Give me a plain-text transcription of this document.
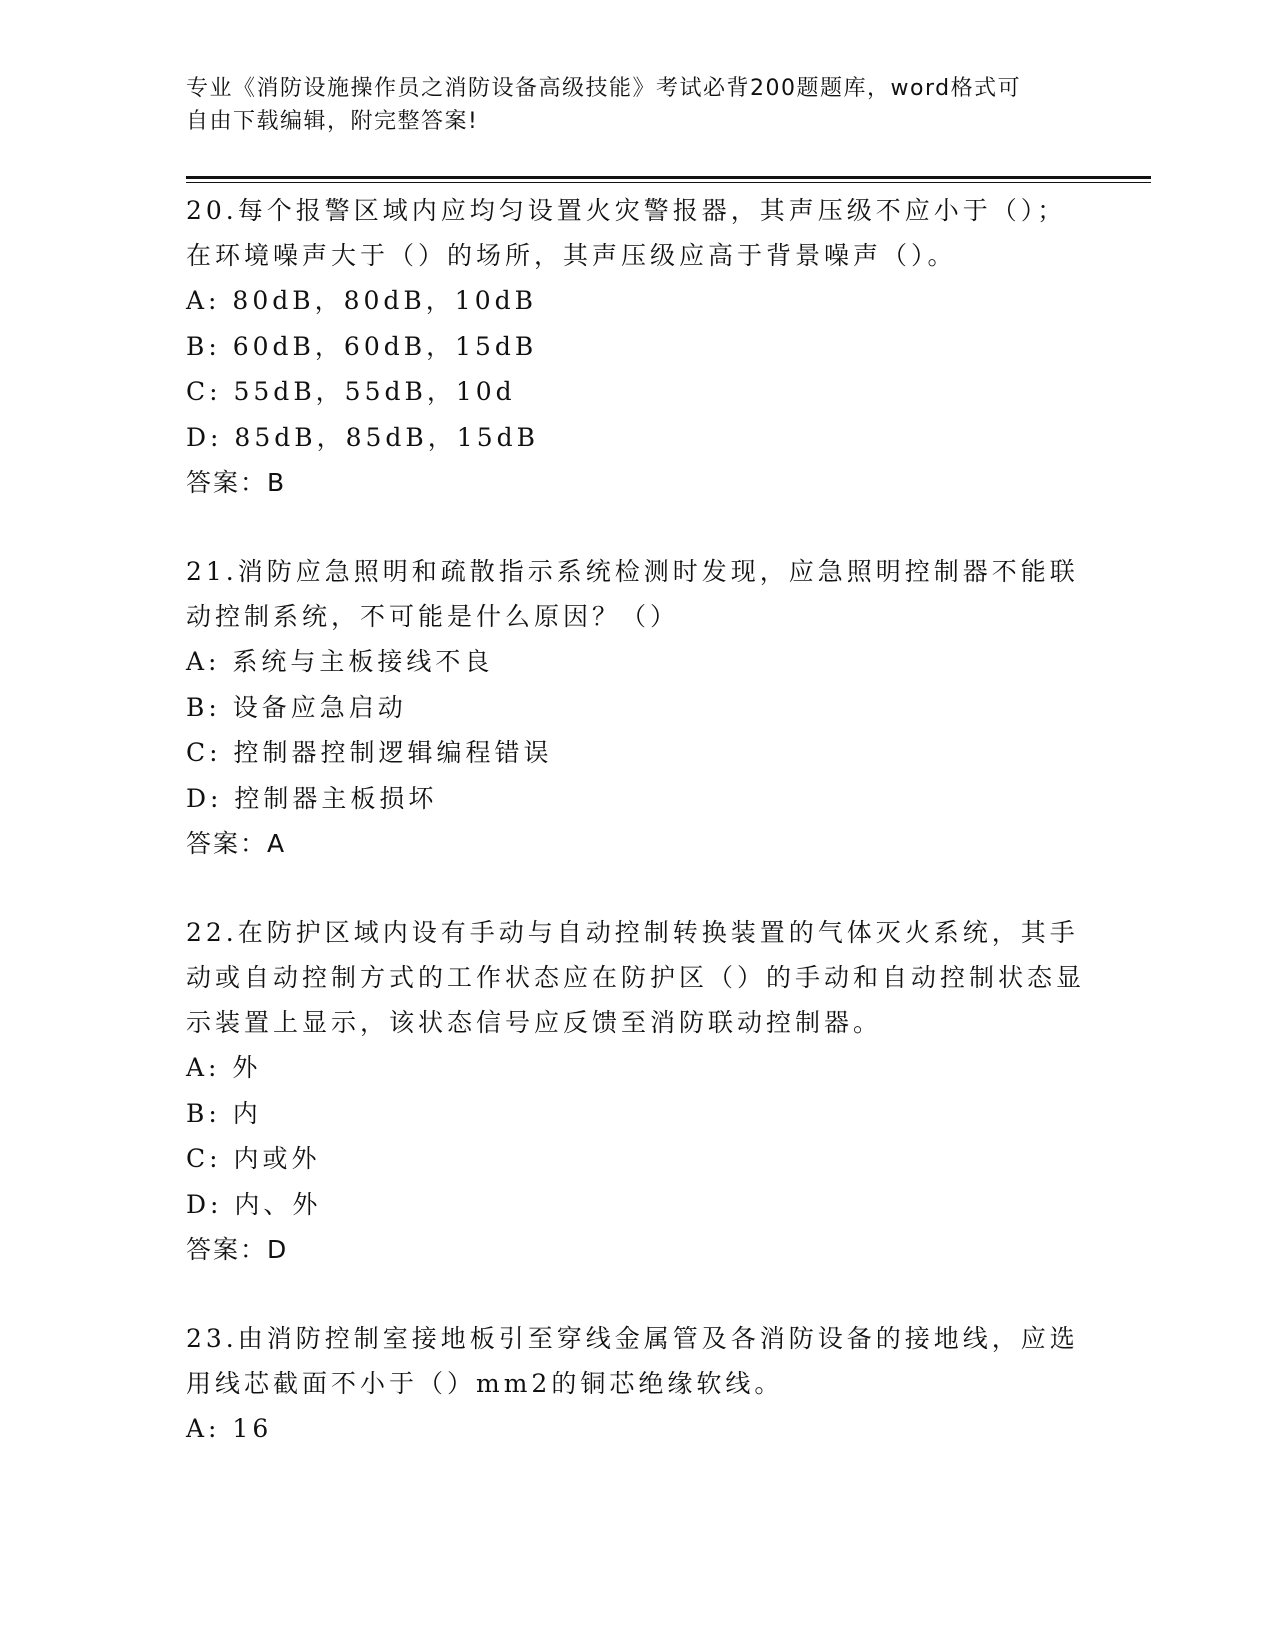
专业《消防设施操作员之消防设备高级技能》考试必背200题题库，word格式可
自由下载编辑，附完整答案!

20.每个报警区域内应均匀设置火灾警报器，其声压级不应小于（）；在环境噪声大于（）的场所，其声压级应高于背景噪声（）。

A: 80dB，80dB，10dB
B: 60dB，60dB，15dB
C: 55dB，55dB，10d
D: 85dB，85dB，15dB
答案：B

21.消防应急照明和疏散指示系统检测时发现，应急照明控制器不能联动控制系统，不可能是什么原因？（）

A: 系统与主板接线不良
B: 设备应急启动
C: 控制器控制逻辑编程错误
D: 控制器主板损坏
答案：A

22.在防护区域内设有手动与自动控制转换装置的气体灭火系统，其手动或自动控制方式的工作状态应在防护区（）的手动和自动控制状态显示装置上显示，该状态信号应反馈至消防联动控制器。

A: 外
B: 内
C: 内或外
D: 内、外
答案：D

23.由消防控制室接地板引至穿线金属管及各消防设备的接地线，应选用线芯截面不小于（）mm2的铜芯绝缘软线。

A: 16
